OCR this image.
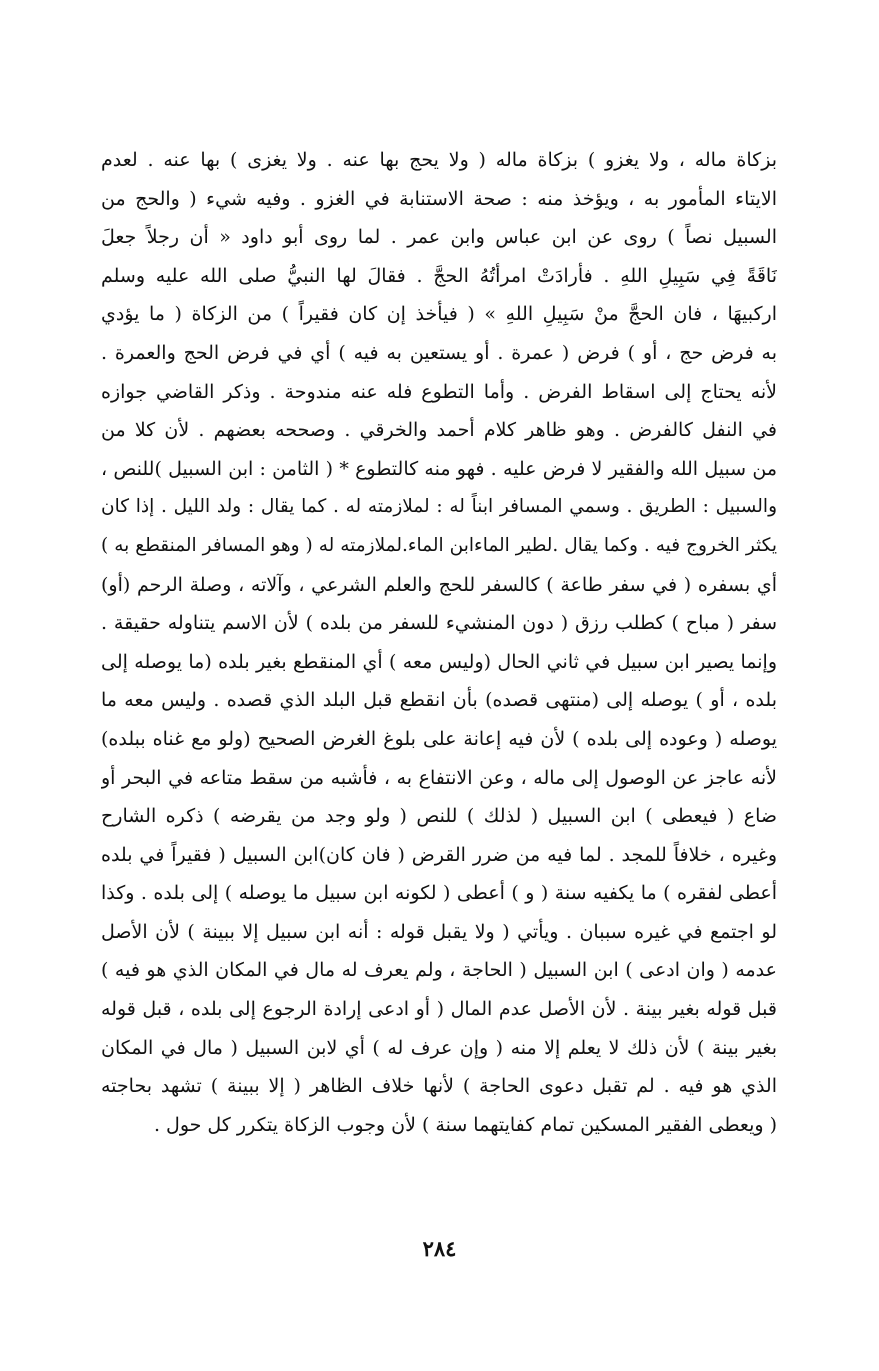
بزكاة ماله ، ولا يغزو ) بزكاة ماله ( ولا يحج بها عنه . ولا يغزى ) بها عنه . لعدم
الايتاء المأمور به ، ويؤخذ منه : صحة الاستنابة في الغزو . وفيه شيء ( والحج من
السبيل نصاً ) روى عن ابن عباس وابن عمر . لما روى أبو داود « أن رجلاً جعلَ
نَاقَةً فِي سَبِيلِ اللهِ . فأرادَتْ امرأتُهُ الحجَّ . فقالَ لها النبيُّ صلى الله عليه وسلم
اركبيهَا ، فان الحجَّ منْ سَبِيلِ اللهِ » ( فيأخذ إن كان فقيراً ) من الزكاة ( ما يؤدي
به فرض حج ، أو ) فرض ( عمرة . أو يستعين به فيه ) أي في فرض الحج والعمرة .
لأنه يحتاج إلى اسقاط الفرض . وأما التطوع فله عنه مندوحة . وذكر القاضي جوازه
في النفل كالفرض . وهو ظاهر كلام أحمد والخرقي . وصححه بعضهم . لأن كلا من
من سبيل الله والفقير لا فرض عليه . فهو منه كالتطوع * ( الثامن : ابن السبيل )للنص ،
والسبيل : الطريق . وسمي المسافر ابناً له : لملازمته له . كما يقال : ولد الليل . إذا كان
يكثر الخروج فيه . وكما يقال .لطير الماءابن الماء.لملازمته له ( وهو المسافر المنقطع به )
أي بسفره ( في سفر طاعة ) كالسفر للحج والعلم الشرعي ، وآلاته ، وصلة الرحم (أو)
سفر ( مباح ) كطلب رزق ( دون المنشيء للسفر من بلده ) لأن الاسم يتناوله حقيقة .
وإنما يصير ابن سبيل في ثاني الحال (وليس معه ) أي المنقطع بغير بلده (ما يوصله إلى
بلده ، أو ) يوصله إلى (منتهى قصده) بأن انقطع قبل البلد الذي قصده . وليس معه ما
يوصله ( وعوده إلى بلده ) لأن فيه إعانة على بلوغ الغرض الصحيح (ولو مع غناه ببلده)
لأنه عاجز عن الوصول إلى ماله ، وعن الانتفاع به ، فأشبه من سقط متاعه في البحر أو
ضاع ( فيعطى ) ابن السبيل ( لذلك ) للنص ( ولو وجد من يقرضه ) ذكره الشارح
وغيره ، خلافاً للمجد . لما فيه من ضرر القرض ( فان كان)ابن السبيل ( فقيراً في بلده
أعطى لفقره ) ما يكفيه سنة ( و ) أعطى ( لكونه ابن سبيل ما يوصله ) إلى بلده . وكذا
لو اجتمع في غيره سببان . ويأتي ( ولا يقبل قوله : أنه ابن سبيل إلا ببينة ) لأن الأصل
عدمه ( وان ادعى ) ابن السبيل ( الحاجة ، ولم يعرف له مال في المكان الذي هو فيه )
قبل قوله بغير بينة . لأن الأصل عدم المال ( أو ادعى إرادة الرجوع إلى بلده ، قبل قوله
بغير بينة ) لأن ذلك لا يعلم إلا منه ( وإن عرف له ) أي لابن السبيل ( مال في المكان
الذي هو فيه . لم تقبل دعوى الحاجة ) لأنها خلاف الظاهر ( إلا ببينة ) تشهد بحاجته
( ويعطى الفقير المسكين تمام كفايتهما سنة ) لأن وجوب الزكاة يتكرر كل حول .
٢٨٤
